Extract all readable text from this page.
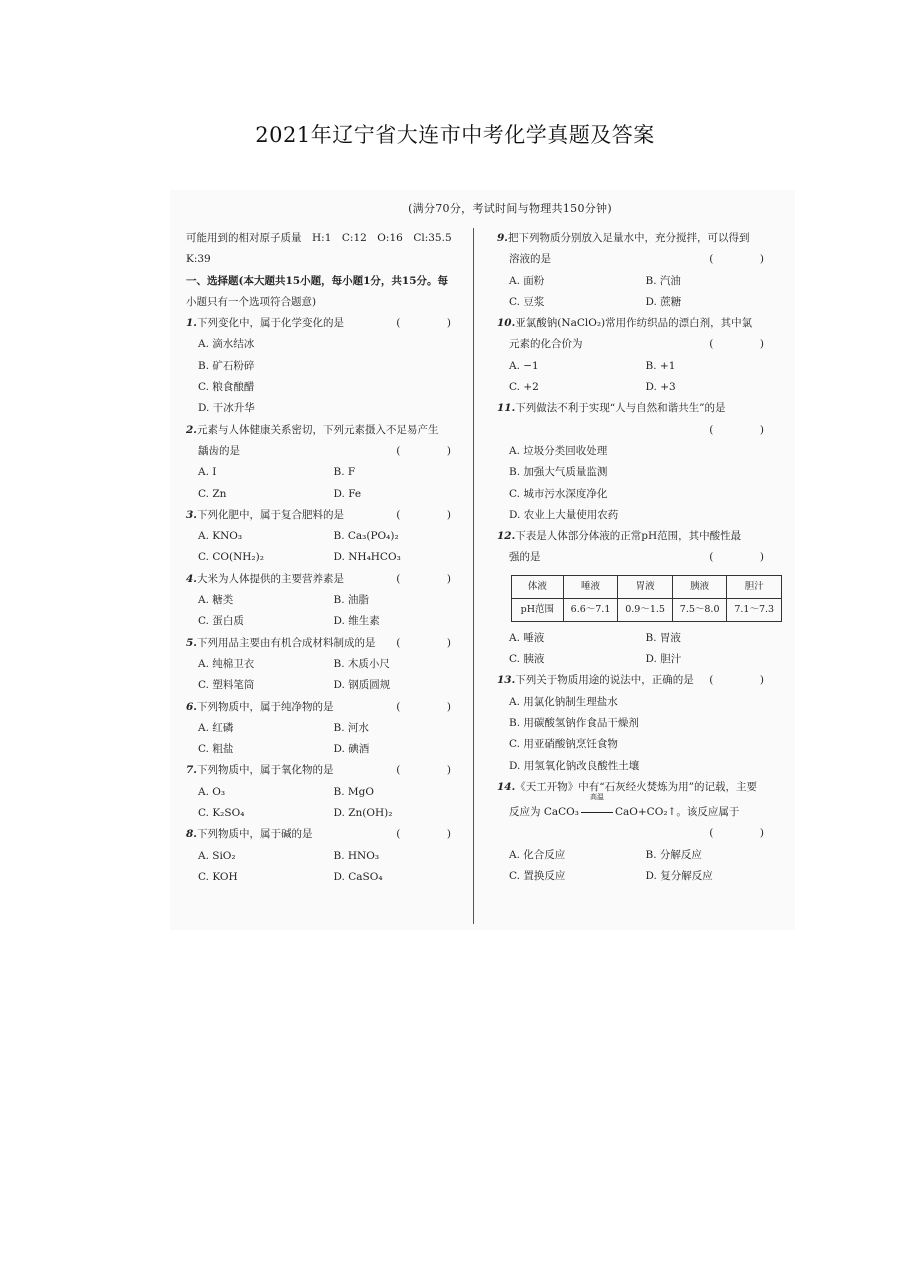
2021年辽宁省大连市中考化学真题及答案
(满分70分，考试时间与物理共150分钟)
可能用到的相对原子质量　H:1　C:12　O:16　Cl:35.5
K:39
一、选择题(本大题共15小题，每小题1分，共15分。每
小题只有一个选项符合题意)
1.下列变化中，属于化学变化的是	(　)
A. 滴水结冰
B. 矿石粉碎
C. 粮食酿醋
D. 干冰升华
2.元素与人体健康关系密切，下列元素摄入不足易产生
龋齿的是	(　)
A. I	B. F
C. Zn	D. Fe
3.下列化肥中，属于复合肥料的是	(　)
A. KNO₃	B. Ca₃(PO₄)₂
C. CO(NH₂)₂	D. NH₄HCO₃
4.大米为人体提供的主要营养素是	(　)
A. 糖类	B. 油脂
C. 蛋白质	D. 维生素
5.下列用品主要由有机合成材料制成的是 (　)
A. 纯棉卫衣	B. 木质小尺
C. 塑料笔筒	D. 钢质圆规
6.下列物质中，属于纯净物的是	(　)
A. 红磷	B. 河水
C. 粗盐	D. 碘酒
7.下列物质中，属于氧化物的是	(　)
A. O₃	B. MgO
C. K₂SO₄	D. Zn(OH)₂
8.下列物质中，属于碱的是	(　)
A. SiO₂	B. HNO₃
C. KOH	D. CaSO₄
9.把下列物质分别放入足量水中，充分搅拌，可以得到
溶液的是	(　)
A. 面粉	B. 汽油
C. 豆浆	D. 蔗糖
10.亚氯酸钠(NaClO₂)常用作纺织品的漂白剂，其中氯
元素的化合价为	(　)
A. −1	B. +1
C. +2	D. +3
11.下列做法不利于实现“人与自然和谐共生”的是

(　)
A. 垃圾分类回收处理
B. 加强大气质量监测
C. 城市污水深度净化
D. 农业上大量使用农药
12.下表是人体部分体液的正常pH范围，其中酸性最
强的是	(　)
体液	唾液	胃液	胰液	胆汁
pH范围	6.6～7.1	0.9～1.5	7.5～8.0	7.1～7.3
A. 唾液	B. 胃液
C. 胰液	D. 胆汁
13.下列关于物质用途的说法中，正确的是 (　)
A. 用氯化钠制生理盐水
B. 用碳酸氢钠作食品干燥剂
C. 用亚硝酸钠烹饪食物
D. 用氢氧化钠改良酸性土壤
14.《天工开物》中有“石灰经火焚炼为用”的记载，主要
反应为 CaCO₃
高温
CaO+CO₂↑。该反应属于

(　)
A. 化合反应	B. 分解反应
C. 置换反应	D. 复分解反应
